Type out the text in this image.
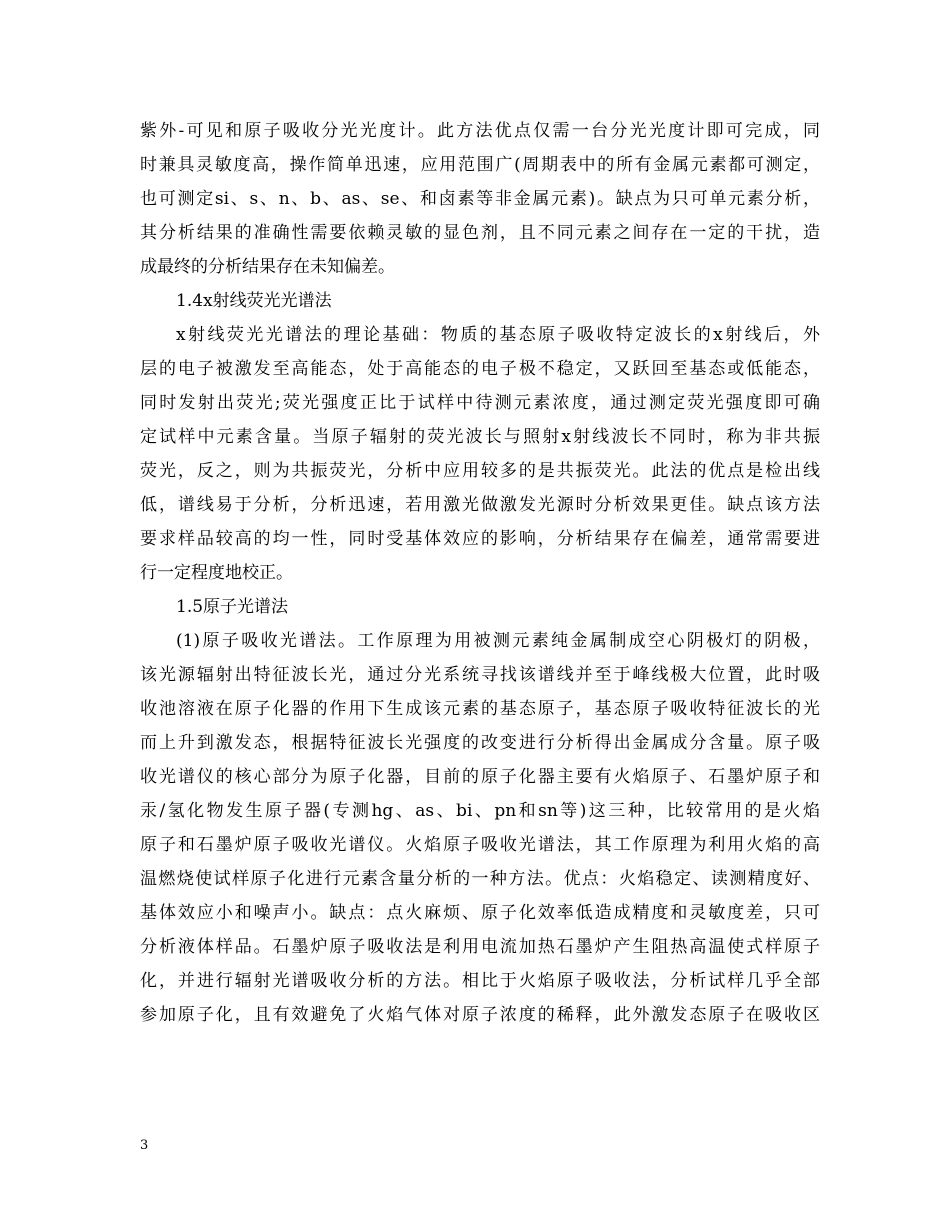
紫外-可见和原子吸收分光光度计。此方法优点仅需一台分光光度计即可完成，同
时兼具灵敏度高，操作简单迅速，应用范围广(周期表中的所有金属元素都可测定，
也可测定si、s、n、b、as、se、和卤素等非金属元素)。缺点为只可单元素分析，
其分析结果的准确性需要依赖灵敏的显色剂，且不同元素之间存在一定的干扰，造
成最终的分析结果存在未知偏差。
1.4x射线荧光光谱法
x射线荧光光谱法的理论基础：物质的基态原子吸收特定波长的x射线后，外
层的电子被激发至高能态，处于高能态的电子极不稳定，又跃回至基态或低能态，
同时发射出荧光;荧光强度正比于试样中待测元素浓度，通过测定荧光强度即可确
定试样中元素含量。当原子辐射的荧光波长与照射x射线波长不同时，称为非共振
荧光，反之，则为共振荧光，分析中应用较多的是共振荧光。此法的优点是检出线
低，谱线易于分析，分析迅速，若用激光做激发光源时分析效果更佳。缺点该方法
要求样品较高的均一性，同时受基体效应的影响，分析结果存在偏差，通常需要进
行一定程度地校正。
1.5原子光谱法
(1)原子吸收光谱法。工作原理为用被测元素纯金属制成空心阴极灯的阴极，
该光源辐射出特征波长光，通过分光系统寻找该谱线并至于峰线极大位置，此时吸
收池溶液在原子化器的作用下生成该元素的基态原子，基态原子吸收特征波长的光
而上升到激发态，根据特征波长光强度的改变进行分析得出金属成分含量。原子吸
收光谱仪的核心部分为原子化器，目前的原子化器主要有火焰原子、石墨炉原子和
汞/氢化物发生原子器(专测hg、as、bi、pn和sn等)这三种，比较常用的是火焰
原子和石墨炉原子吸收光谱仪。火焰原子吸收光谱法，其工作原理为利用火焰的高
温燃烧使试样原子化进行元素含量分析的一种方法。优点：火焰稳定、读测精度好、
基体效应小和噪声小。缺点：点火麻烦、原子化效率低造成精度和灵敏度差，只可
分析液体样品。石墨炉原子吸收法是利用电流加热石墨炉产生阻热高温使式样原子
化，并进行辐射光谱吸收分析的方法。相比于火焰原子吸收法，分析试样几乎全部
参加原子化，且有效避免了火焰气体对原子浓度的稀释，此外激发态原子在吸收区
3
